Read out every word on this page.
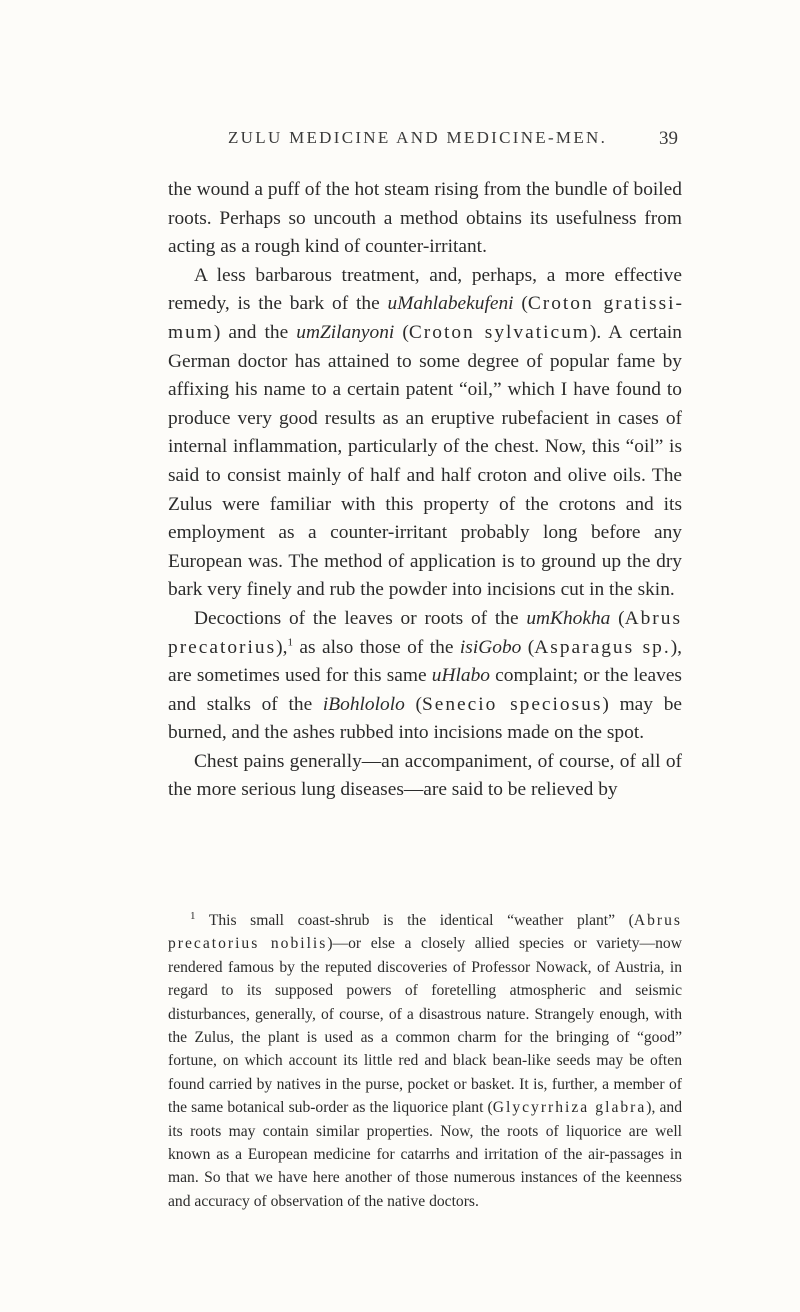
ZULU MEDICINE AND MEDICINE-MEN.	39

the wound a puff of the hot steam rising from the bundle of boiled roots. Perhaps so uncouth a method obtains its usefulness from acting as a rough kind of counter-irritant.

A less barbarous treatment, and, perhaps, a more effective remedy, is the bark of the uMahlabekufeni (Croton gratissimum) and the umZilanyoni (Croton sylvaticum). A certain German doctor has attained to some degree of popular fame by affixing his name to a certain patent “oil,” which I have found to produce very good results as an eruptive rubefacient in cases of internal inflammation, particularly of the chest. Now, this “oil” is said to consist mainly of half and half croton and olive oils. The Zulus were familiar with this property of the crotons and its employment as a counter-irritant probably long before any European was. The method of application is to ground up the dry bark very finely and rub the powder into incisions cut in the skin.

Decoctions of the leaves or roots of the umKhokha (Abrus precatorius),$^1$ as also those of the isiGobo (Asparagus sp.), are sometimes used for this same uHlabo complaint; or the leaves and stalks of the iBohlololo (Senecio speciosus) may be burned, and the ashes rubbed into incisions made on the spot.

Chest pains generally—an accompaniment, of course, of all of the more serious lung diseases—are said to be relieved by

$^1$ This small coast-shrub is the identical “weather plant” (Abrus precatorius nobilis)—or else a closely allied species or variety—now rendered famous by the reputed discoveries of Professor Nowack, of Austria, in regard to its supposed powers of foretelling atmospheric and seismic disturbances, generally, of course, of a disastrous nature. Strangely enough, with the Zulus, the plant is used as a common charm for the bringing of “good” fortune, on which account its little red and black bean-like seeds may be often found carried by natives in the purse, pocket or basket. It is, further, a member of the same botanical sub-order as the liquorice plant (Glycyrrhiza glabra), and its roots may contain similar properties. Now, the roots of liquorice are well known as a European medicine for catarrhs and irritation of the air-passages in man. So that we have here another of those numerous instances of the keenness and accuracy of observation of the native doctors.
